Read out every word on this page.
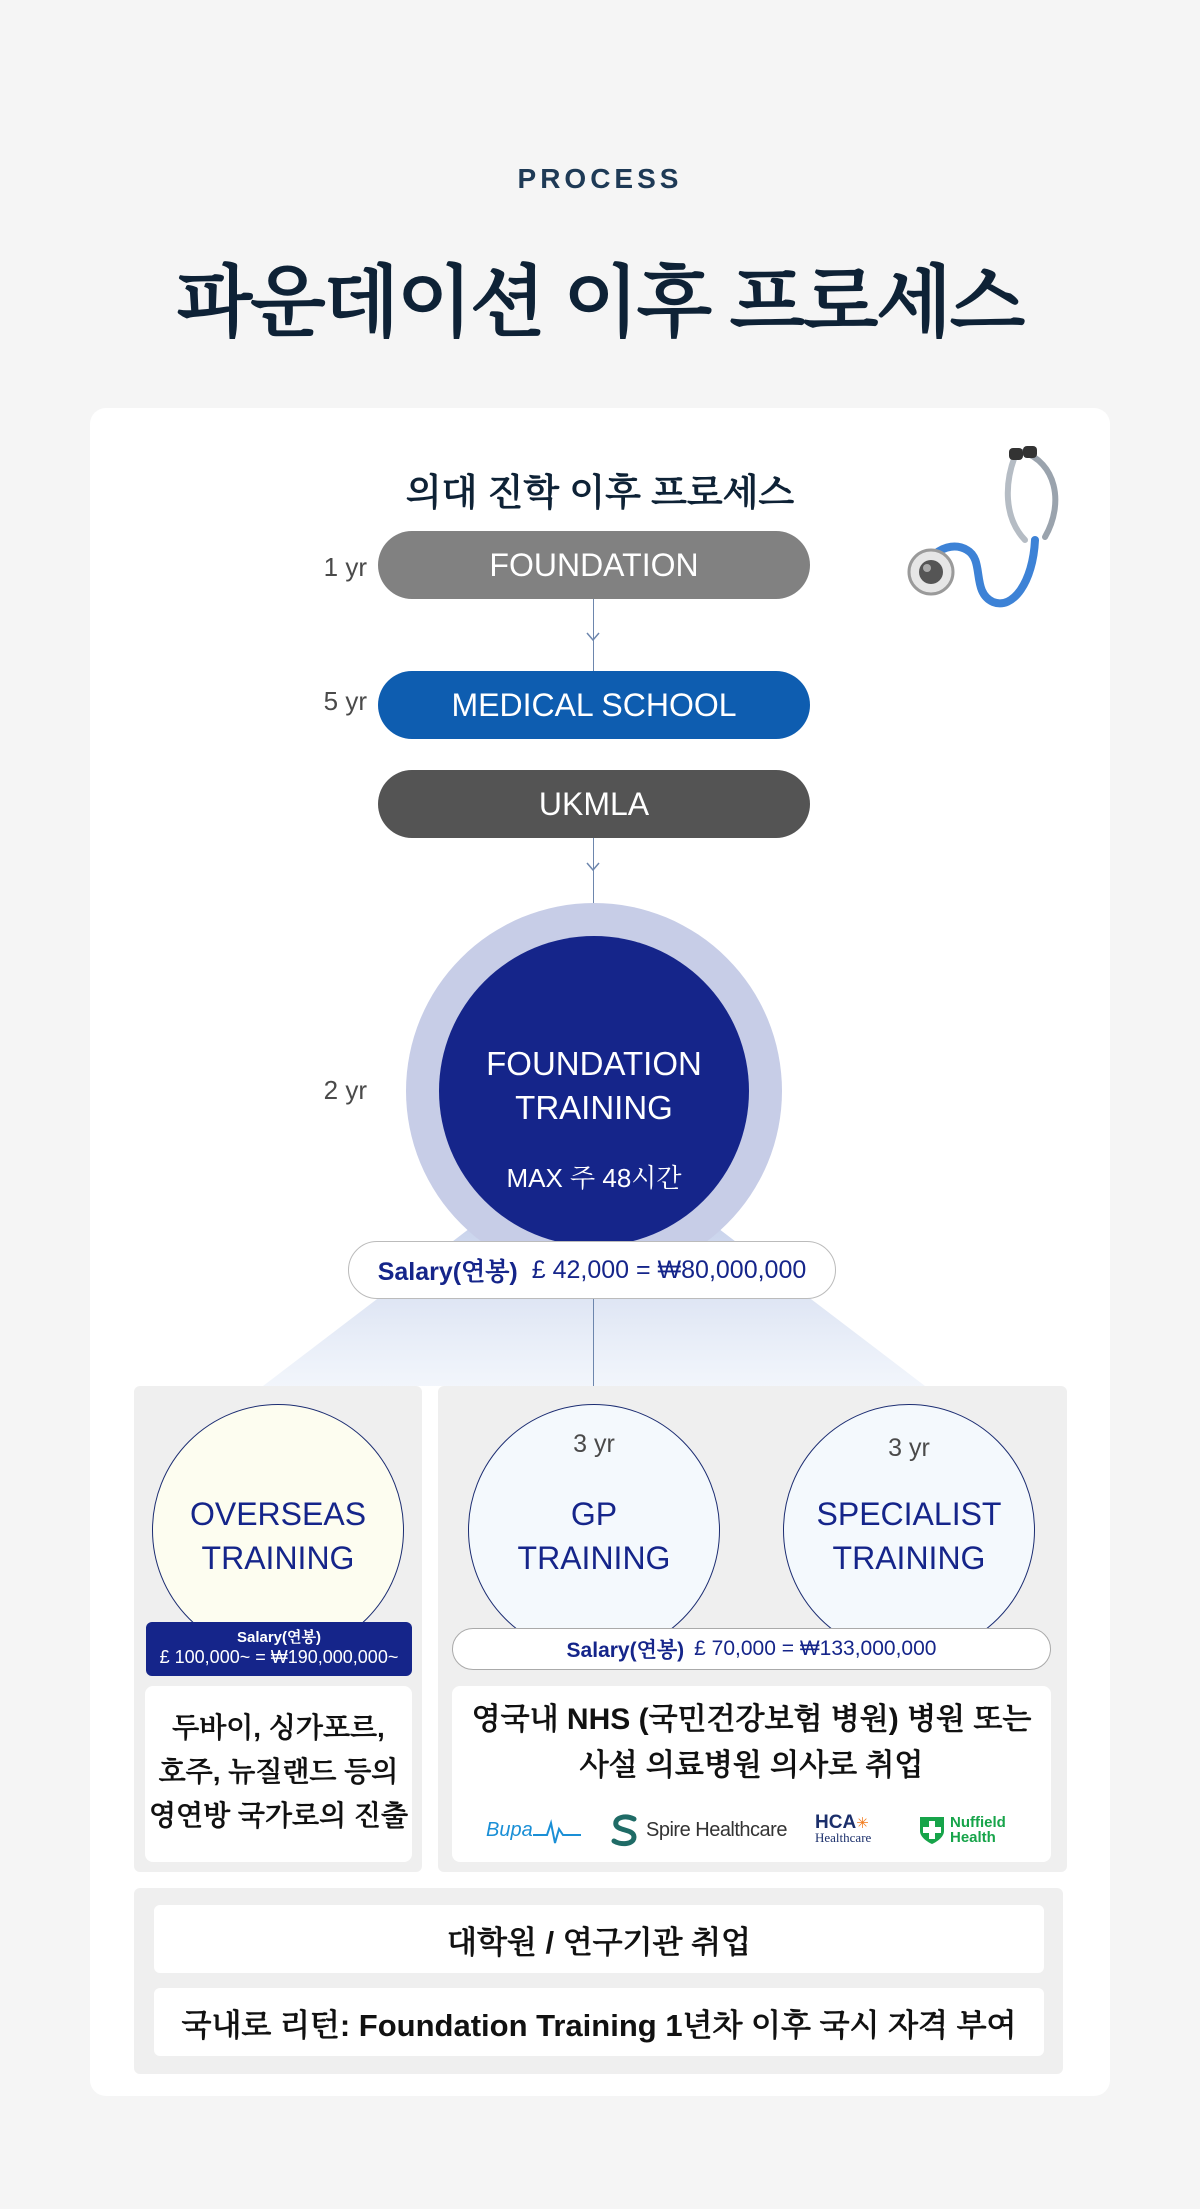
PROCESS
파운데이션 이후 프로세스
의대 진학 이후 프로세스
1 yr	FOUNDATION
5 yr	MEDICAL SCHOOL
UKMLA
2 yr
FOUNDATION
TRAINING
MAX 주 48시간
Salary(연봉) £ 42,000 = ₩80,000,000
OVERSEAS
TRAINING
Salary(연봉)
£ 100,000~ = ₩190,000,000~
두바이, 싱가포르,
호주, 뉴질랜드 등의
영연방 국가로의 진출
3 yr
GP
TRAINING
3 yr
SPECIALIST
TRAINING
Salary(연봉) £ 70,000 = ₩133,000,000
영국내 NHS (국민건강보험 병원) 병원 또는
사설 의료병원 의사로 취업
Bupa	Spire Healthcare HCA✳
Healthcare
Nuffield
Health
대학원 / 연구기관 취업
국내로 리턴: Foundation Training 1년차 이후 국시 자격 부여
